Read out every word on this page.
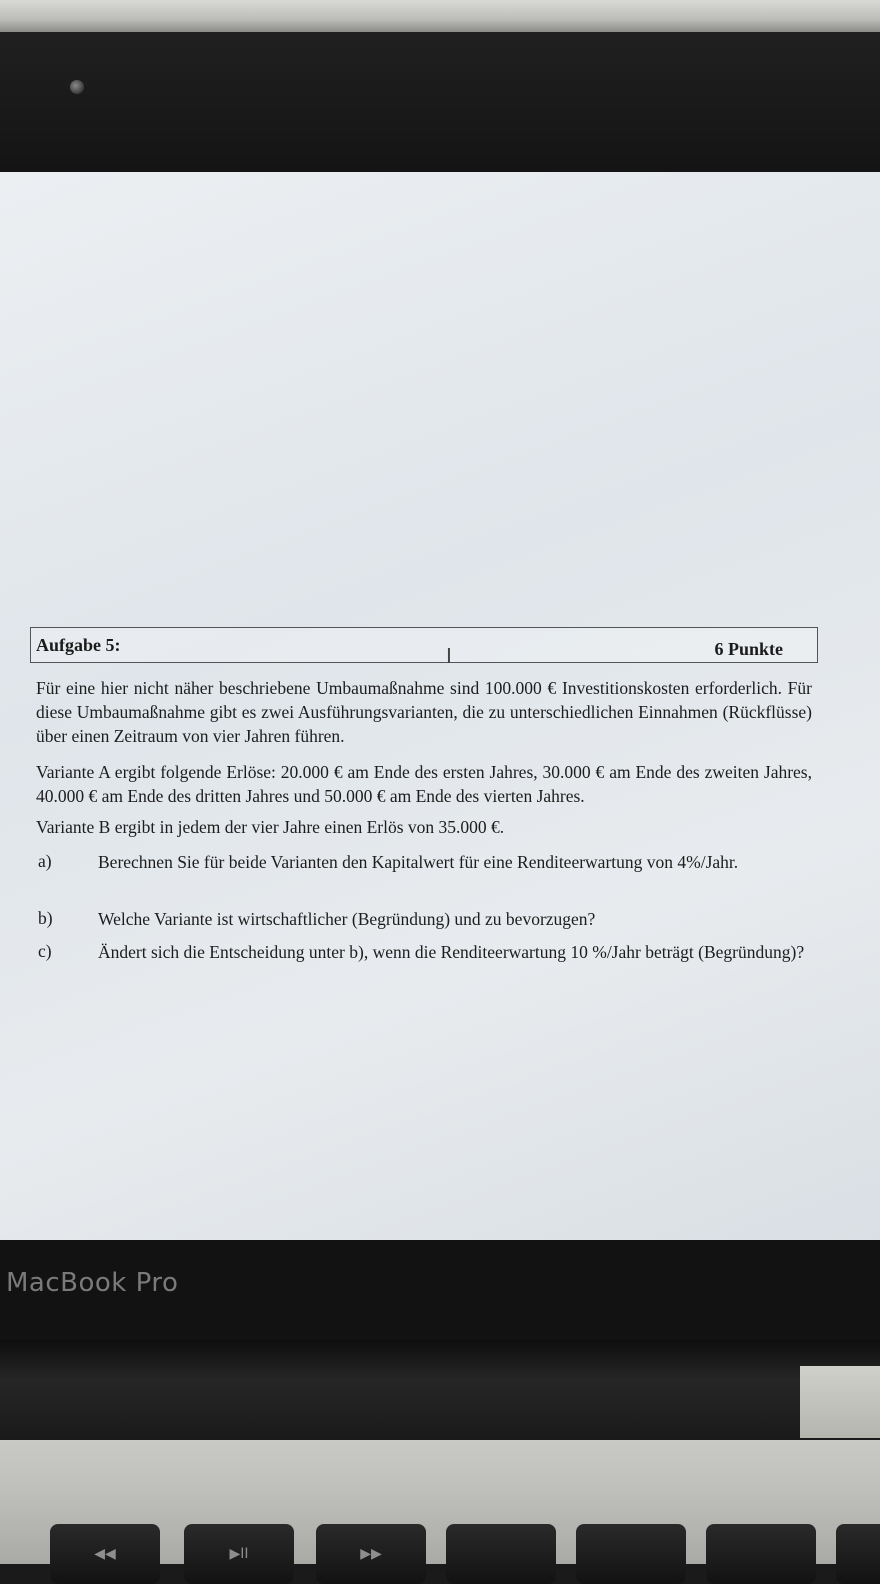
Aufgabe 5:	6 Punkte
I
Für eine hier nicht näher beschriebene Umbaumaßnahme sind 100.000 € Investitionskosten erforderlich. Für diese Umbaumaßnahme gibt es zwei Ausführungsvarianten, die zu unterschiedlichen Einnahmen (Rückflüsse) über einen Zeitraum von vier Jahren führen.
Variante A ergibt folgende Erlöse: 20.000 € am Ende des ersten Jahres, 30.000 € am Ende des zweiten Jahres, 40.000 € am Ende des dritten Jahres und 50.000 € am Ende des vierten Jahres.
Variante B ergibt in jedem der vier Jahre einen Erlös von 35.000 €.
a)	Berechnen Sie für beide Varianten den Kapitalwert für eine Renditeerwartung von 4%/Jahr.
b)	Welche Variante ist wirtschaftlicher (Begründung) und zu bevorzugen?
c)	Ändert sich die Entscheidung unter b), wenn die Renditeerwartung 10 %/Jahr beträgt (Begründung)?
MacBook Pro
◀◀	▶II	▶▶
